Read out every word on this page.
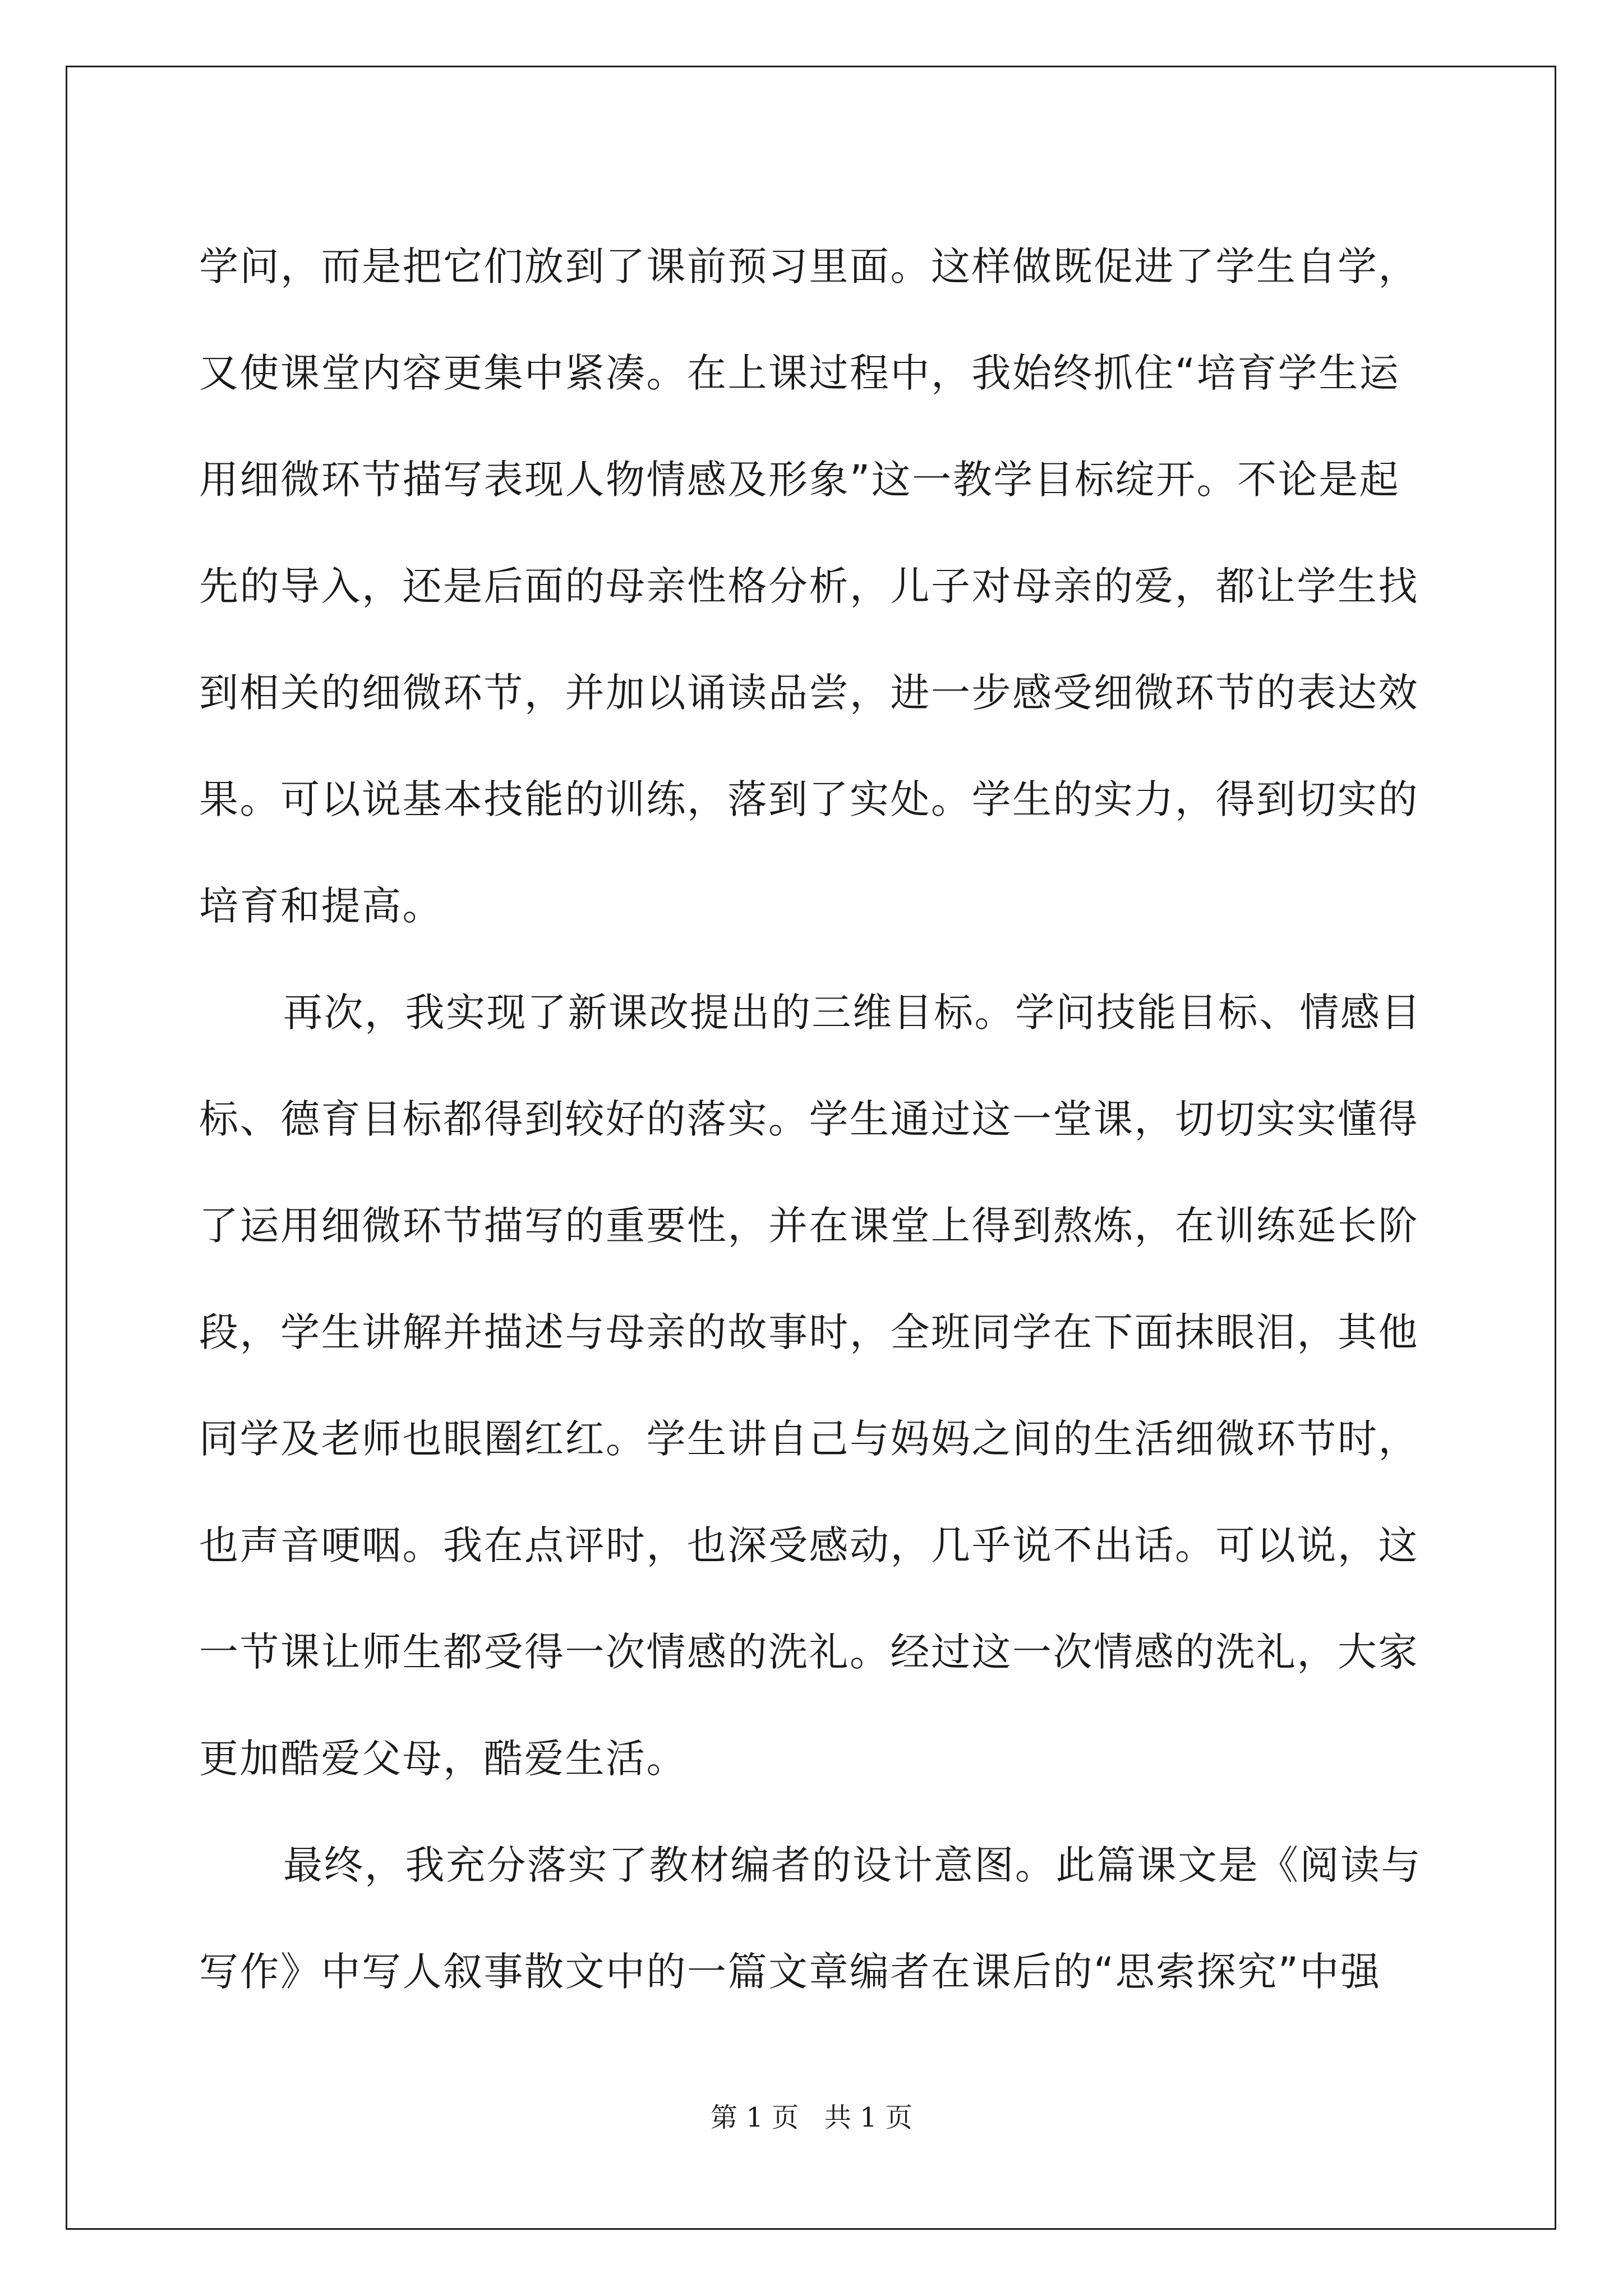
学问，而是把它们放到了课前预习里面。这样做既促进了学生自学，
又使课堂内容更集中紧凑。在上课过程中，我始终抓住“培育学生运
用细微环节描写表现人物情感及形象”这一教学目标绽开。不论是起
先的导入，还是后面的母亲性格分析，儿子对母亲的爱，都让学生找
到相关的细微环节，并加以诵读品尝，进一步感受细微环节的表达效
果。可以说基本技能的训练，落到了实处。学生的实力，得到切实的
培育和提高。
再次，我实现了新课改提出的三维目标。学问技能目标、情感目
标、德育目标都得到较好的落实。学生通过这一堂课，切切实实懂得
了运用细微环节描写的重要性，并在课堂上得到熬炼，在训练延长阶
段，学生讲解并描述与母亲的故事时，全班同学在下面抹眼泪，其他
同学及老师也眼圈红红。学生讲自己与妈妈之间的生活细微环节时，
也声音哽咽。我在点评时，也深受感动，几乎说不出话。可以说，这
一节课让师生都受得一次情感的洗礼。经过这一次情感的洗礼，大家
更加酷爱父母，酷爱生活。
最终，我充分落实了教材编者的设计意图。此篇课文是《阅读与
写作》中写人叙事散文中的一篇文章编者在课后的“思索探究”中强
第 1 页   共 1 页
